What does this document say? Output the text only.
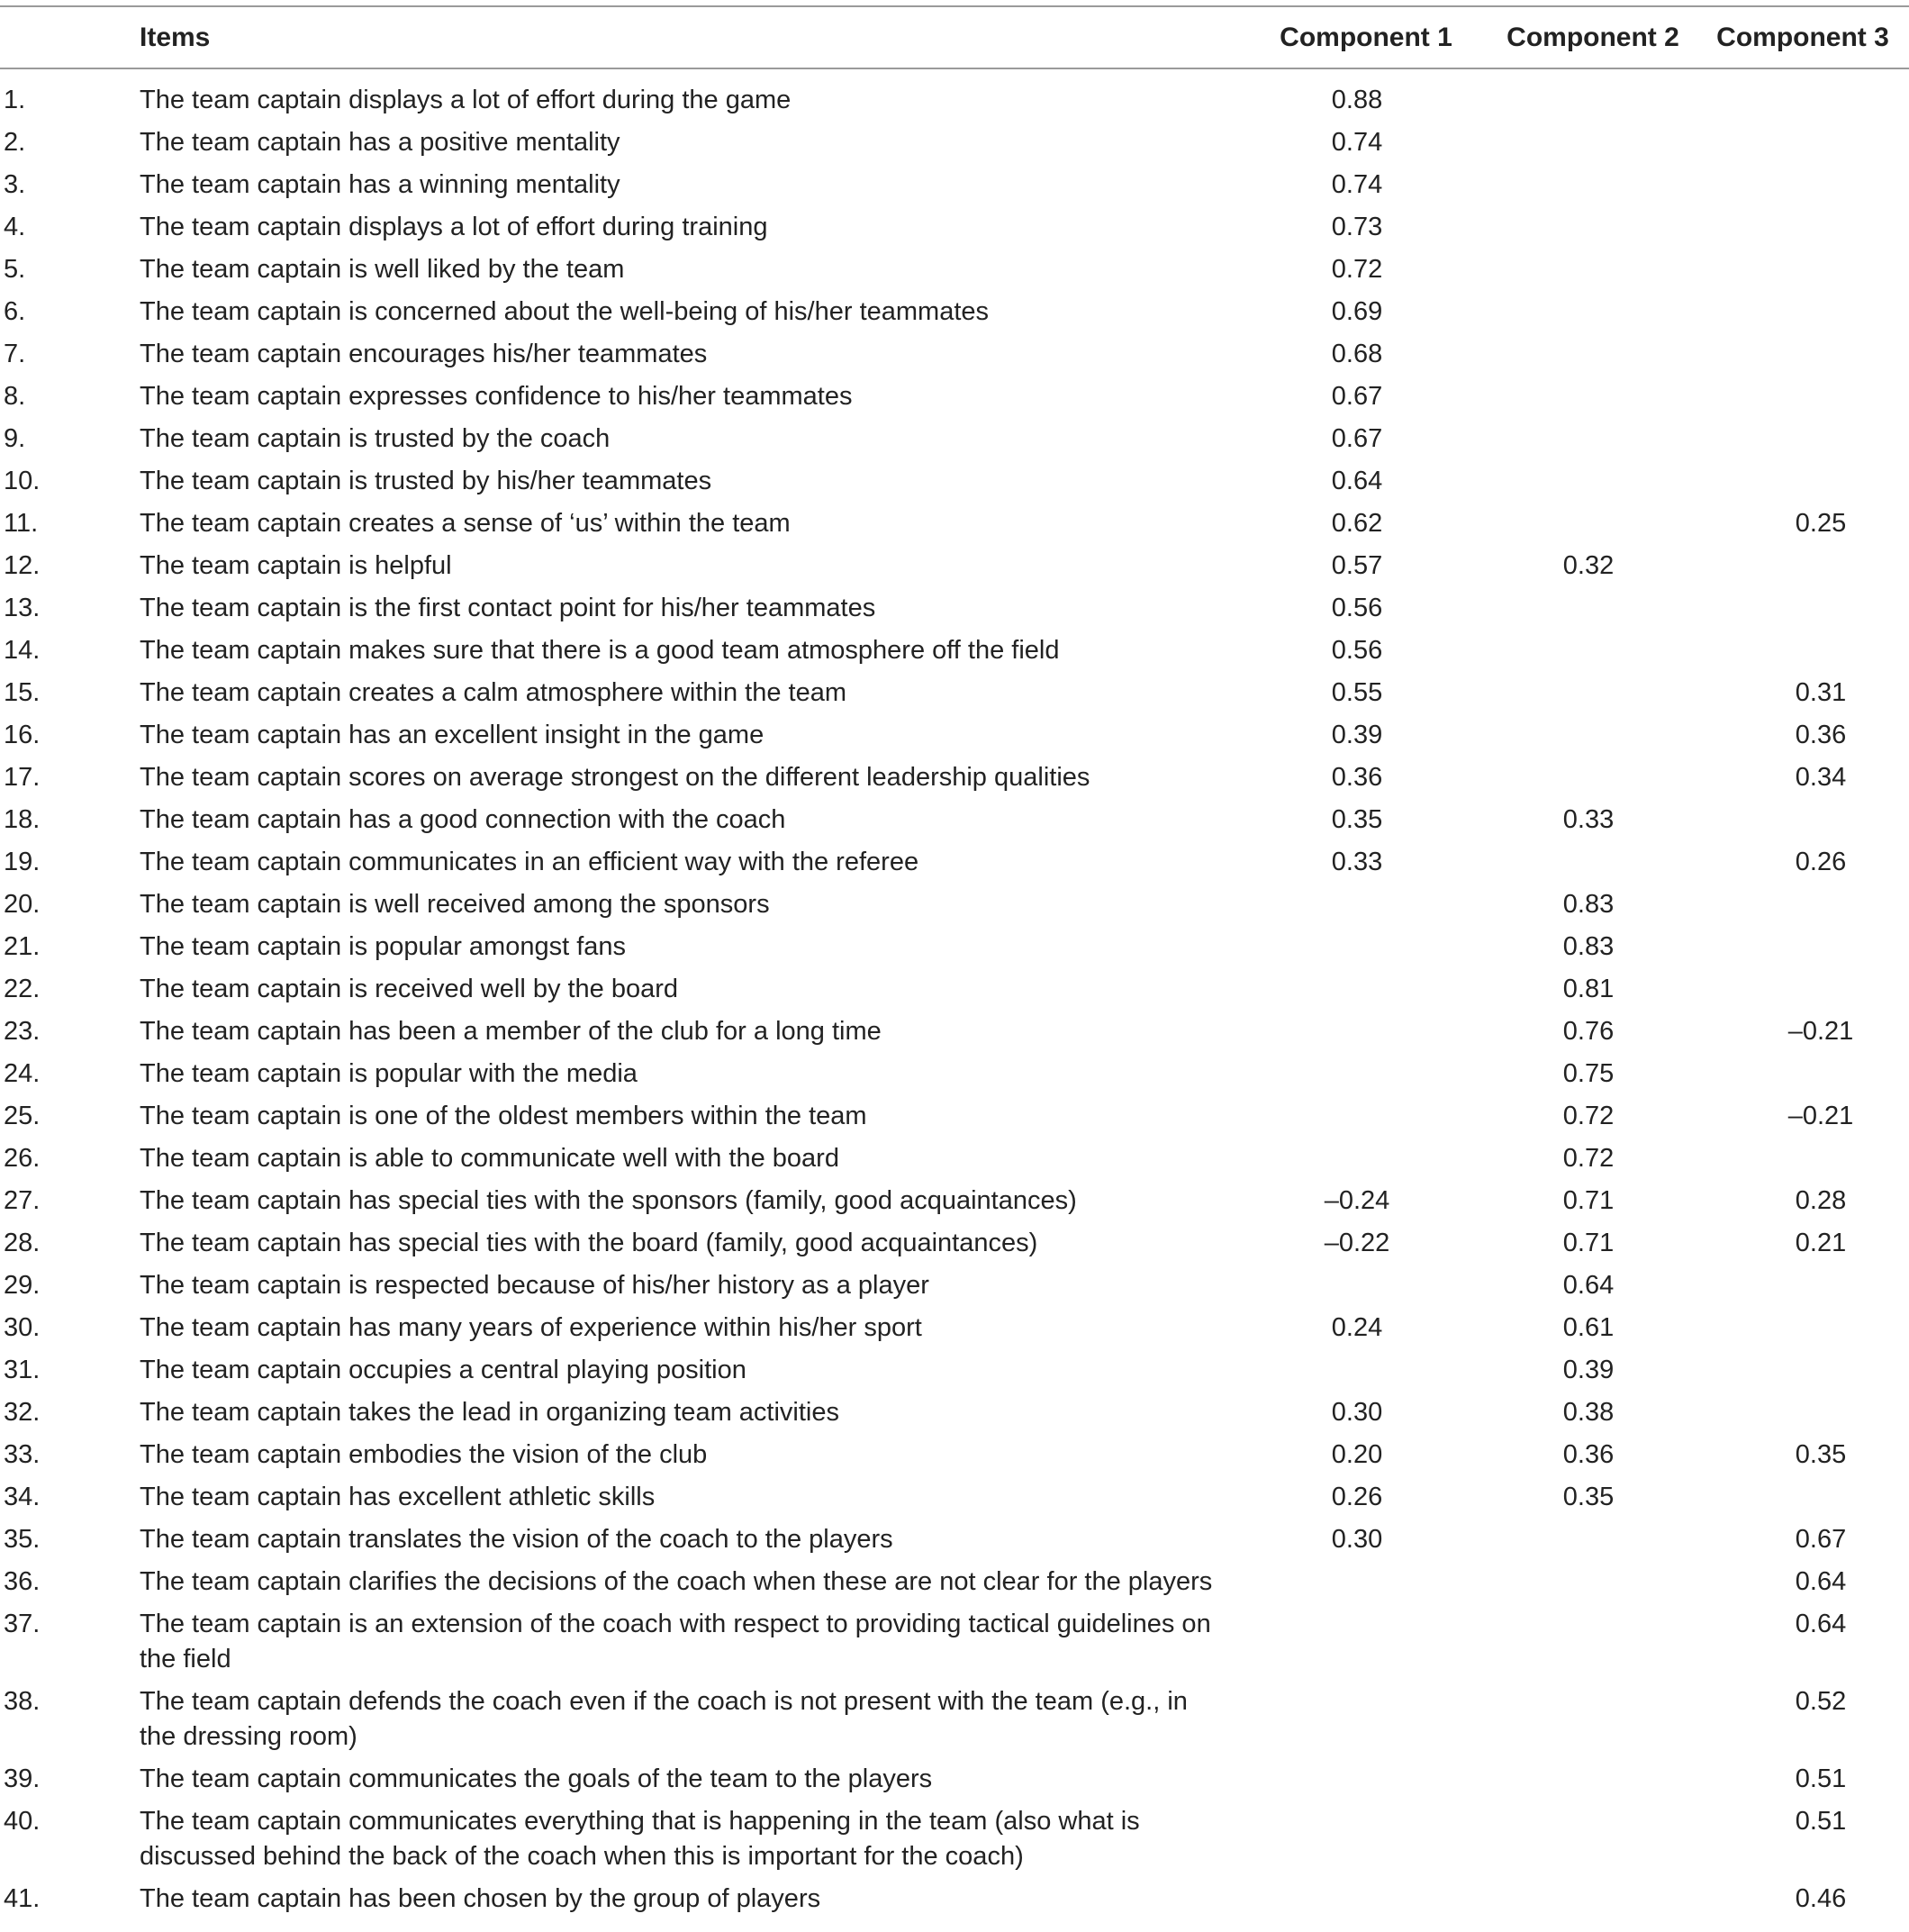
	Items	Component 1	Component 2	Component 3
1.	The team captain displays a lot of effort during the game	0.88		
2.	The team captain has a positive mentality	0.74		
3.	The team captain has a winning mentality	0.74		
4.	The team captain displays a lot of effort during training	0.73		
5.	The team captain is well liked by the team	0.72		
6.	The team captain is concerned about the well-being of his/her teammates	0.69		
7.	The team captain encourages his/her teammates	0.68		
8.	The team captain expresses confidence to his/her teammates	0.67		
9.	The team captain is trusted by the coach	0.67		
10.	The team captain is trusted by his/her teammates	0.64		
11.	The team captain creates a sense of ‘us’ within the team	0.62		0.25
12.	The team captain is helpful	0.57	0.32	
13.	The team captain is the first contact point for his/her teammates	0.56		
14.	The team captain makes sure that there is a good team atmosphere off the field	0.56		
15.	The team captain creates a calm atmosphere within the team	0.55		0.31
16.	The team captain has an excellent insight in the game	0.39		0.36
17.	The team captain scores on average strongest on the different leadership qualities	0.36		0.34
18.	The team captain has a good connection with the coach	0.35	0.33	
19.	The team captain communicates in an efficient way with the referee	0.33		0.26
20.	The team captain is well received among the sponsors		0.83	
21.	The team captain is popular amongst fans		0.83	
22.	The team captain is received well by the board		0.81	
23.	The team captain has been a member of the club for a long time		0.76	–0.21
24.	The team captain is popular with the media		0.75	
25.	The team captain is one of the oldest members within the team		0.72	–0.21
26.	The team captain is able to communicate well with the board		0.72	
27.	The team captain has special ties with the sponsors (family, good acquaintances)	–0.24	0.71	0.28
28.	The team captain has special ties with the board (family, good acquaintances)	–0.22	0.71	0.21
29.	The team captain is respected because of his/her history as a player		0.64	
30.	The team captain has many years of experience within his/her sport	0.24	0.61	
31.	The team captain occupies a central playing position		0.39	
32.	The team captain takes the lead in organizing team activities	0.30	0.38	
33.	The team captain embodies the vision of the club	0.20	0.36	0.35
34.	The team captain has excellent athletic skills	0.26	0.35	
35.	The team captain translates the vision of the coach to the players	0.30		0.67
36.	The team captain clarifies the decisions of the coach when these are not clear for the players			0.64
37.	The team captain is an extension of the coach with respect to providing tactical guidelines on the field			0.64
38.	The team captain defends the coach even if the coach is not present with the team (e.g., in the dressing room)			0.52
39.	The team captain communicates the goals of the team to the players			0.51
40.	The team captain communicates everything that is happening in the team (also what is discussed behind the back of the coach when this is important for the coach)			0.51
41.	The team captain has been chosen by the group of players			0.46
